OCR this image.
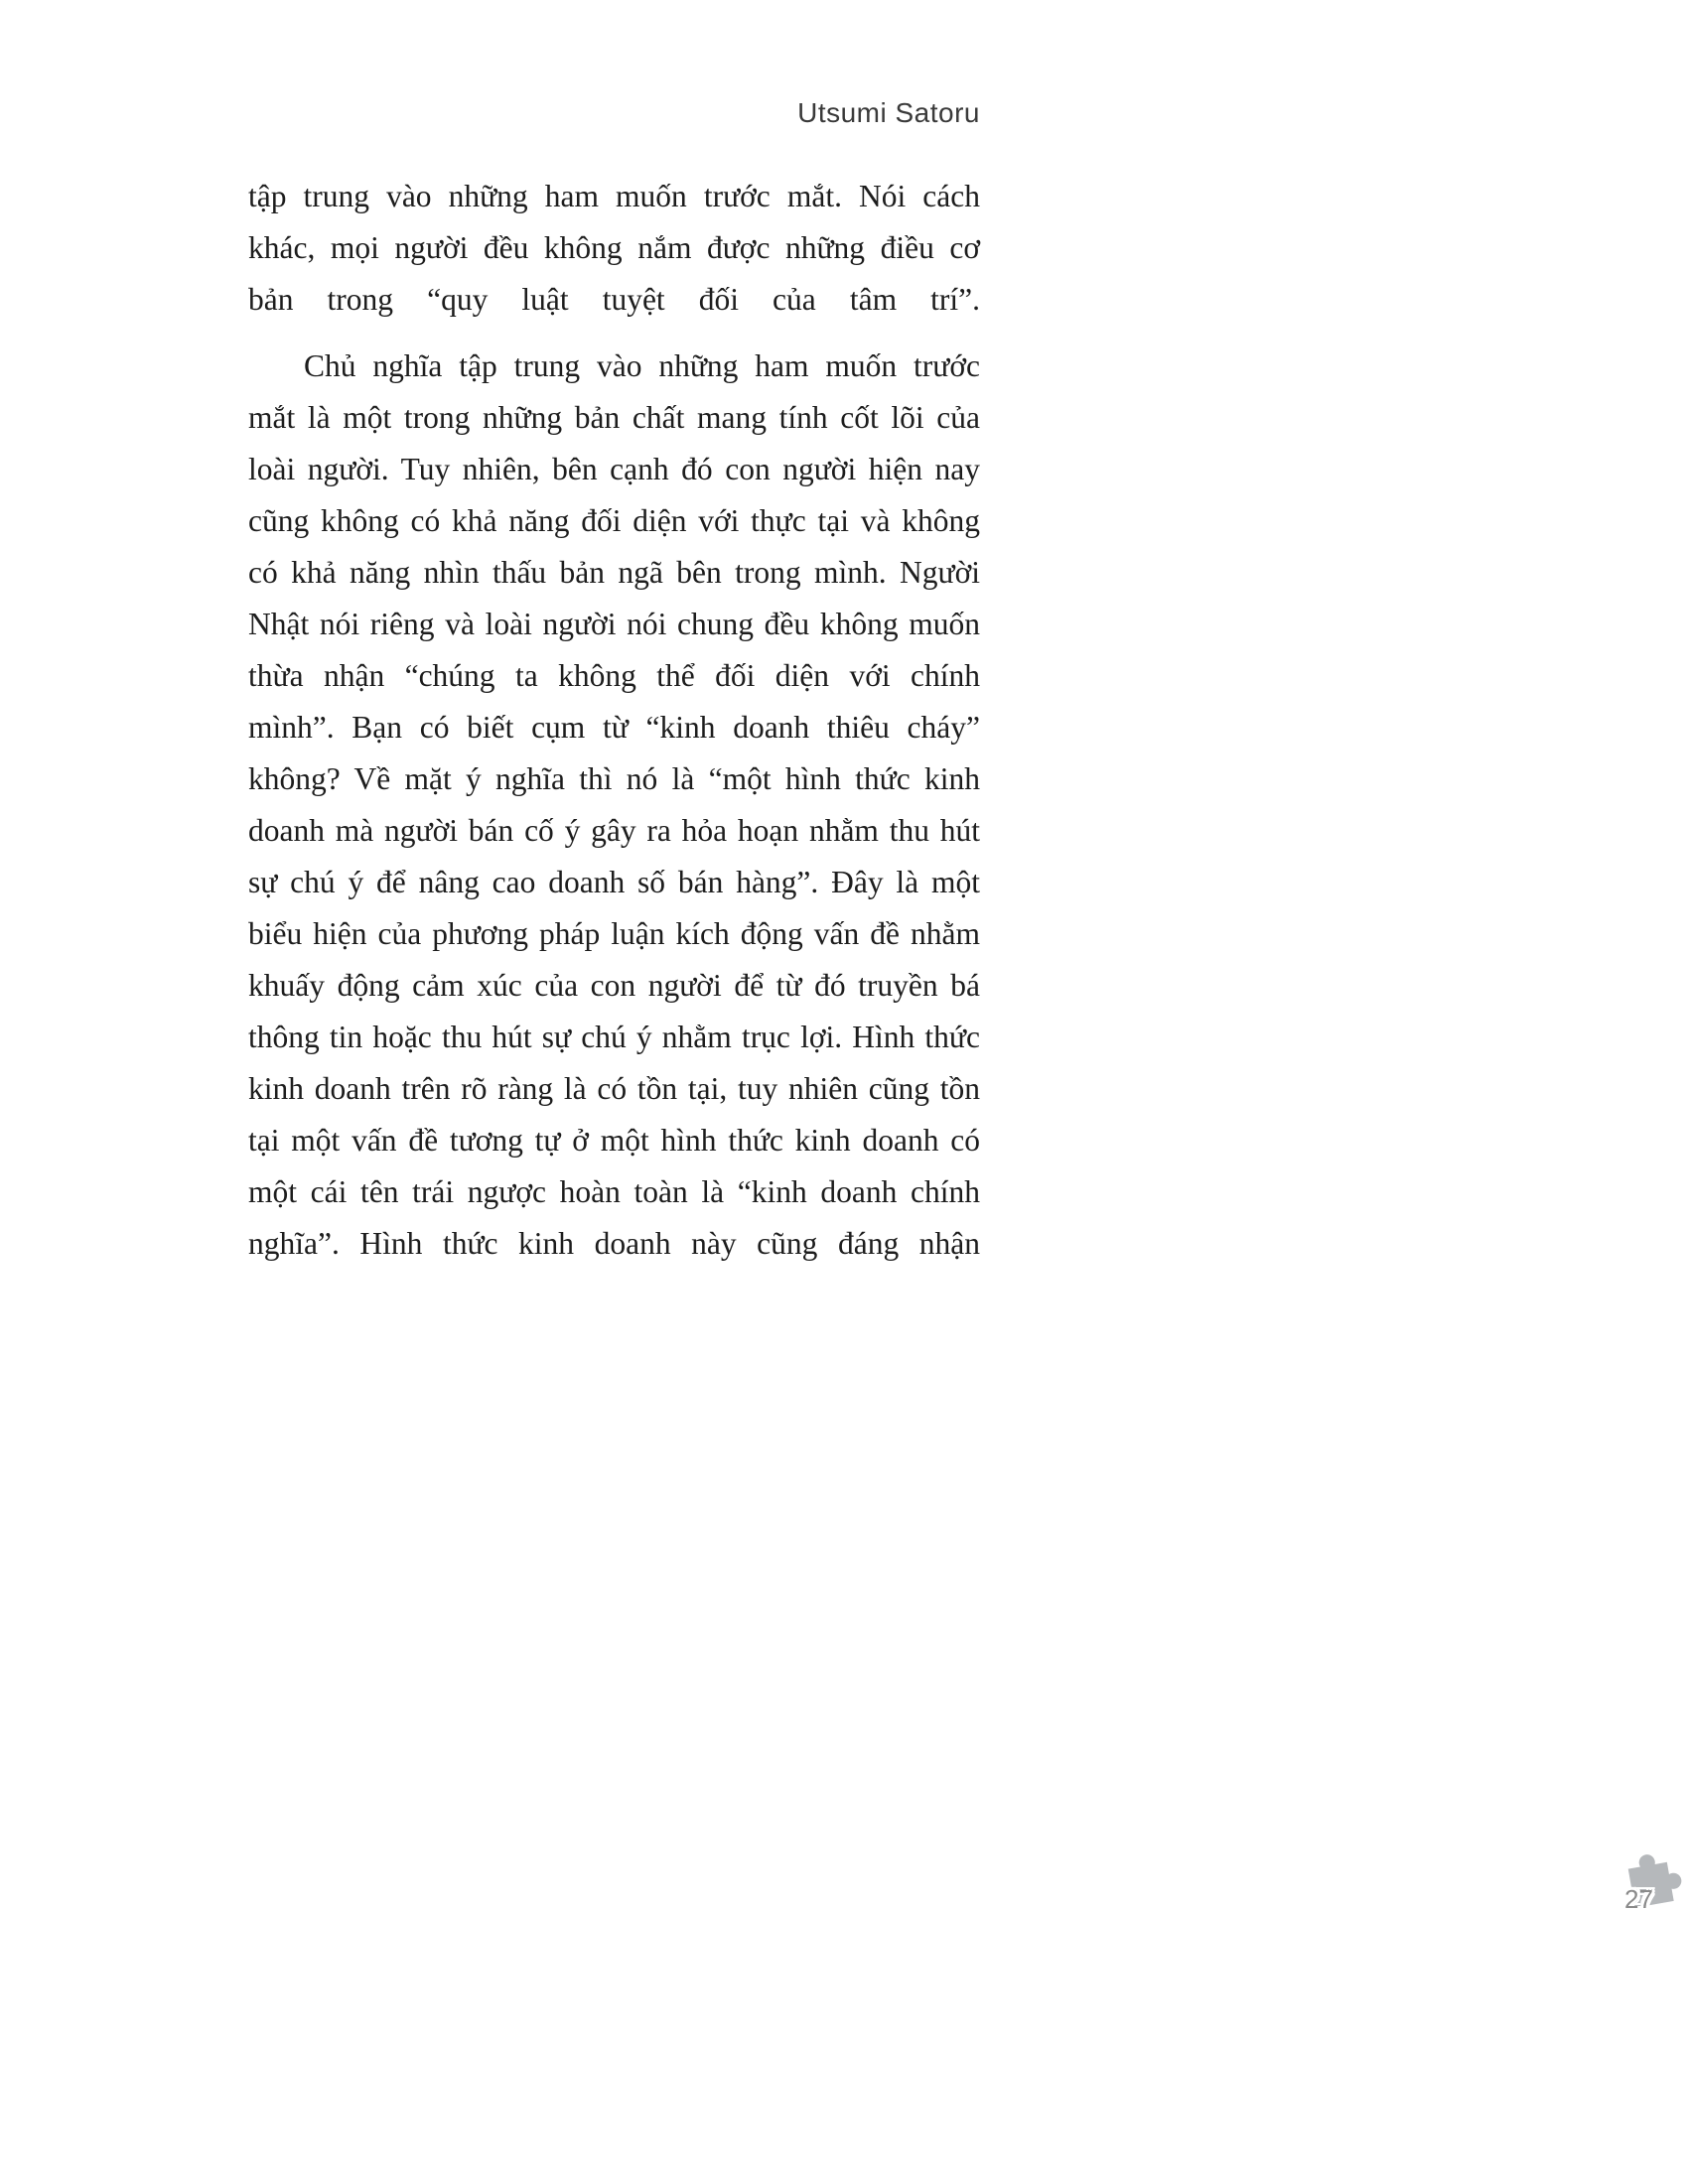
Utsumi Satoru

tập trung vào những ham muốn trước mắt. Nói cách khác, mọi người đều không nắm được những điều cơ bản trong “quy luật tuyệt đối của tâm trí”.

Chủ nghĩa tập trung vào những ham muốn trước mắt là một trong những bản chất mang tính cốt lõi của loài người. Tuy nhiên, bên cạnh đó con người hiện nay cũng không có khả năng đối diện với thực tại và không có khả năng nhìn thấu bản ngã bên trong mình. Người Nhật nói riêng và loài người nói chung đều không muốn thừa nhận “chúng ta không thể đối diện với chính mình”. Bạn có biết cụm từ “kinh doanh thiêu cháy” không? Về mặt ý nghĩa thì nó là “một hình thức kinh doanh mà người bán cố ý gây ra hỏa hoạn nhằm thu hút sự chú ý để nâng cao doanh số bán hàng”. Đây là một biểu hiện của phương pháp luận kích động vấn đề nhằm khuấy động cảm xúc của con người để từ đó truyền bá thông tin hoặc thu hút sự chú ý nhằm trục lợi. Hình thức kinh doanh trên rõ ràng là có tồn tại, tuy nhiên cũng tồn tại một vấn đề tương tự ở một hình thức kinh doanh có một cái tên trái ngược hoàn toàn là “kinh doanh chính nghĩa”. Hình thức kinh doanh này cũng đáng nhận

27
